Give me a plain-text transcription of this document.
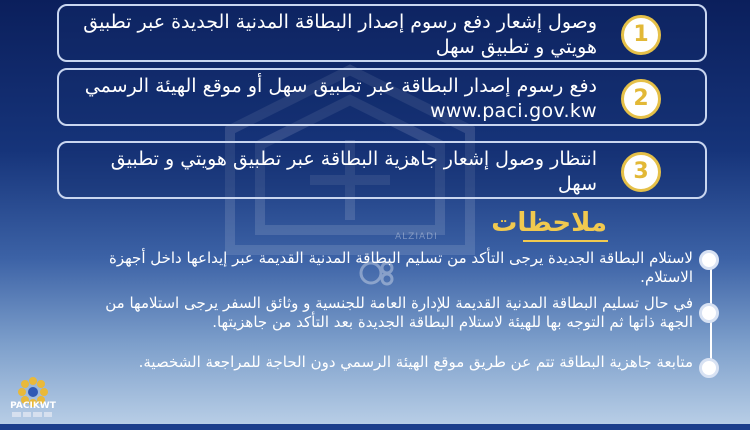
وصول إشعار دفع رسوم إصدار البطاقة المدنية الجديدة عبر تطبيق هويتي و تطبيق سهل	1
دفع رسوم إصدار البطاقة عبر تطبيق سهل أو موقع الهيئة الرسمي www.paci.gov.kw	2
انتظار وصول إشعار جاهزية البطاقة عبر تطبيق هويتي و تطبيق سهل	3
ALZIADI ملاحظات
لاستلام البطاقة الجديدة يرجى التأكد من تسليم البطاقة المدنية القديمة عبر إيداعها داخل أجهزة الاستلام.
في حال تسليم البطاقة المدنية القديمة للإدارة العامة للجنسية و وثائق السفر يرجى استلامها من الجهة ذاتها ثم التوجه بها للهيئة لاستلام البطاقة الجديدة بعد التأكد من جاهزيتها.
متابعة جاهزية البطاقة تتم عن طريق موقع الهيئة الرسمي دون الحاجة للمراجعة الشخصية.
PACIKWT
